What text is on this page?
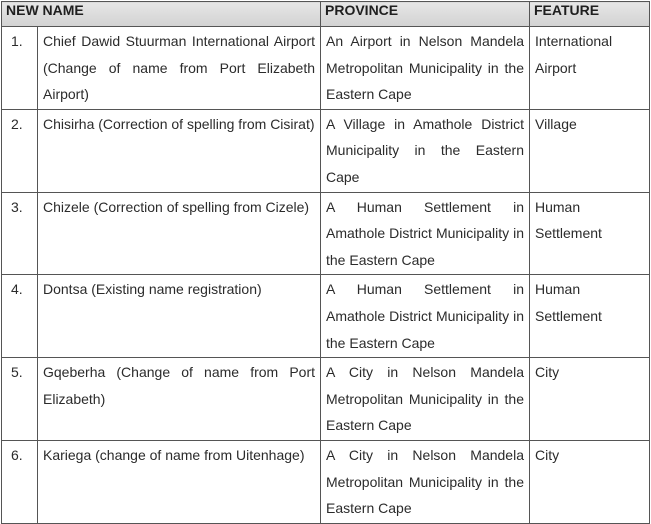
NEW NAME		PROVINCE	FEATURE
1.	Chief Dawid Stuurman International Airport (Change of name from Port Elizabeth Airport)	An Airport in Nelson Mandela Metropolitan Municipality in the Eastern Cape	International Airport
2.	Chisirha (Correction of spelling from Cisirat)	A Village in Amathole District Municipality in the Eastern Cape	Village
3.	Chizele (Correction of spelling from Cizele)	A Human Settlement in Amathole District Municipality in the Eastern Cape	Human Settlement
4.	Dontsa (Existing name registration)	A Human Settlement in Amathole District Municipality in the Eastern Cape	Human Settlement
5.	Gqeberha (Change of name from Port Elizabeth)	A City in Nelson Mandela Metropolitan Municipality in the Eastern Cape	City
6.	Kariega (change of name from Uitenhage)	A City in Nelson Mandela Metropolitan Municipality in the Eastern Cape	City
